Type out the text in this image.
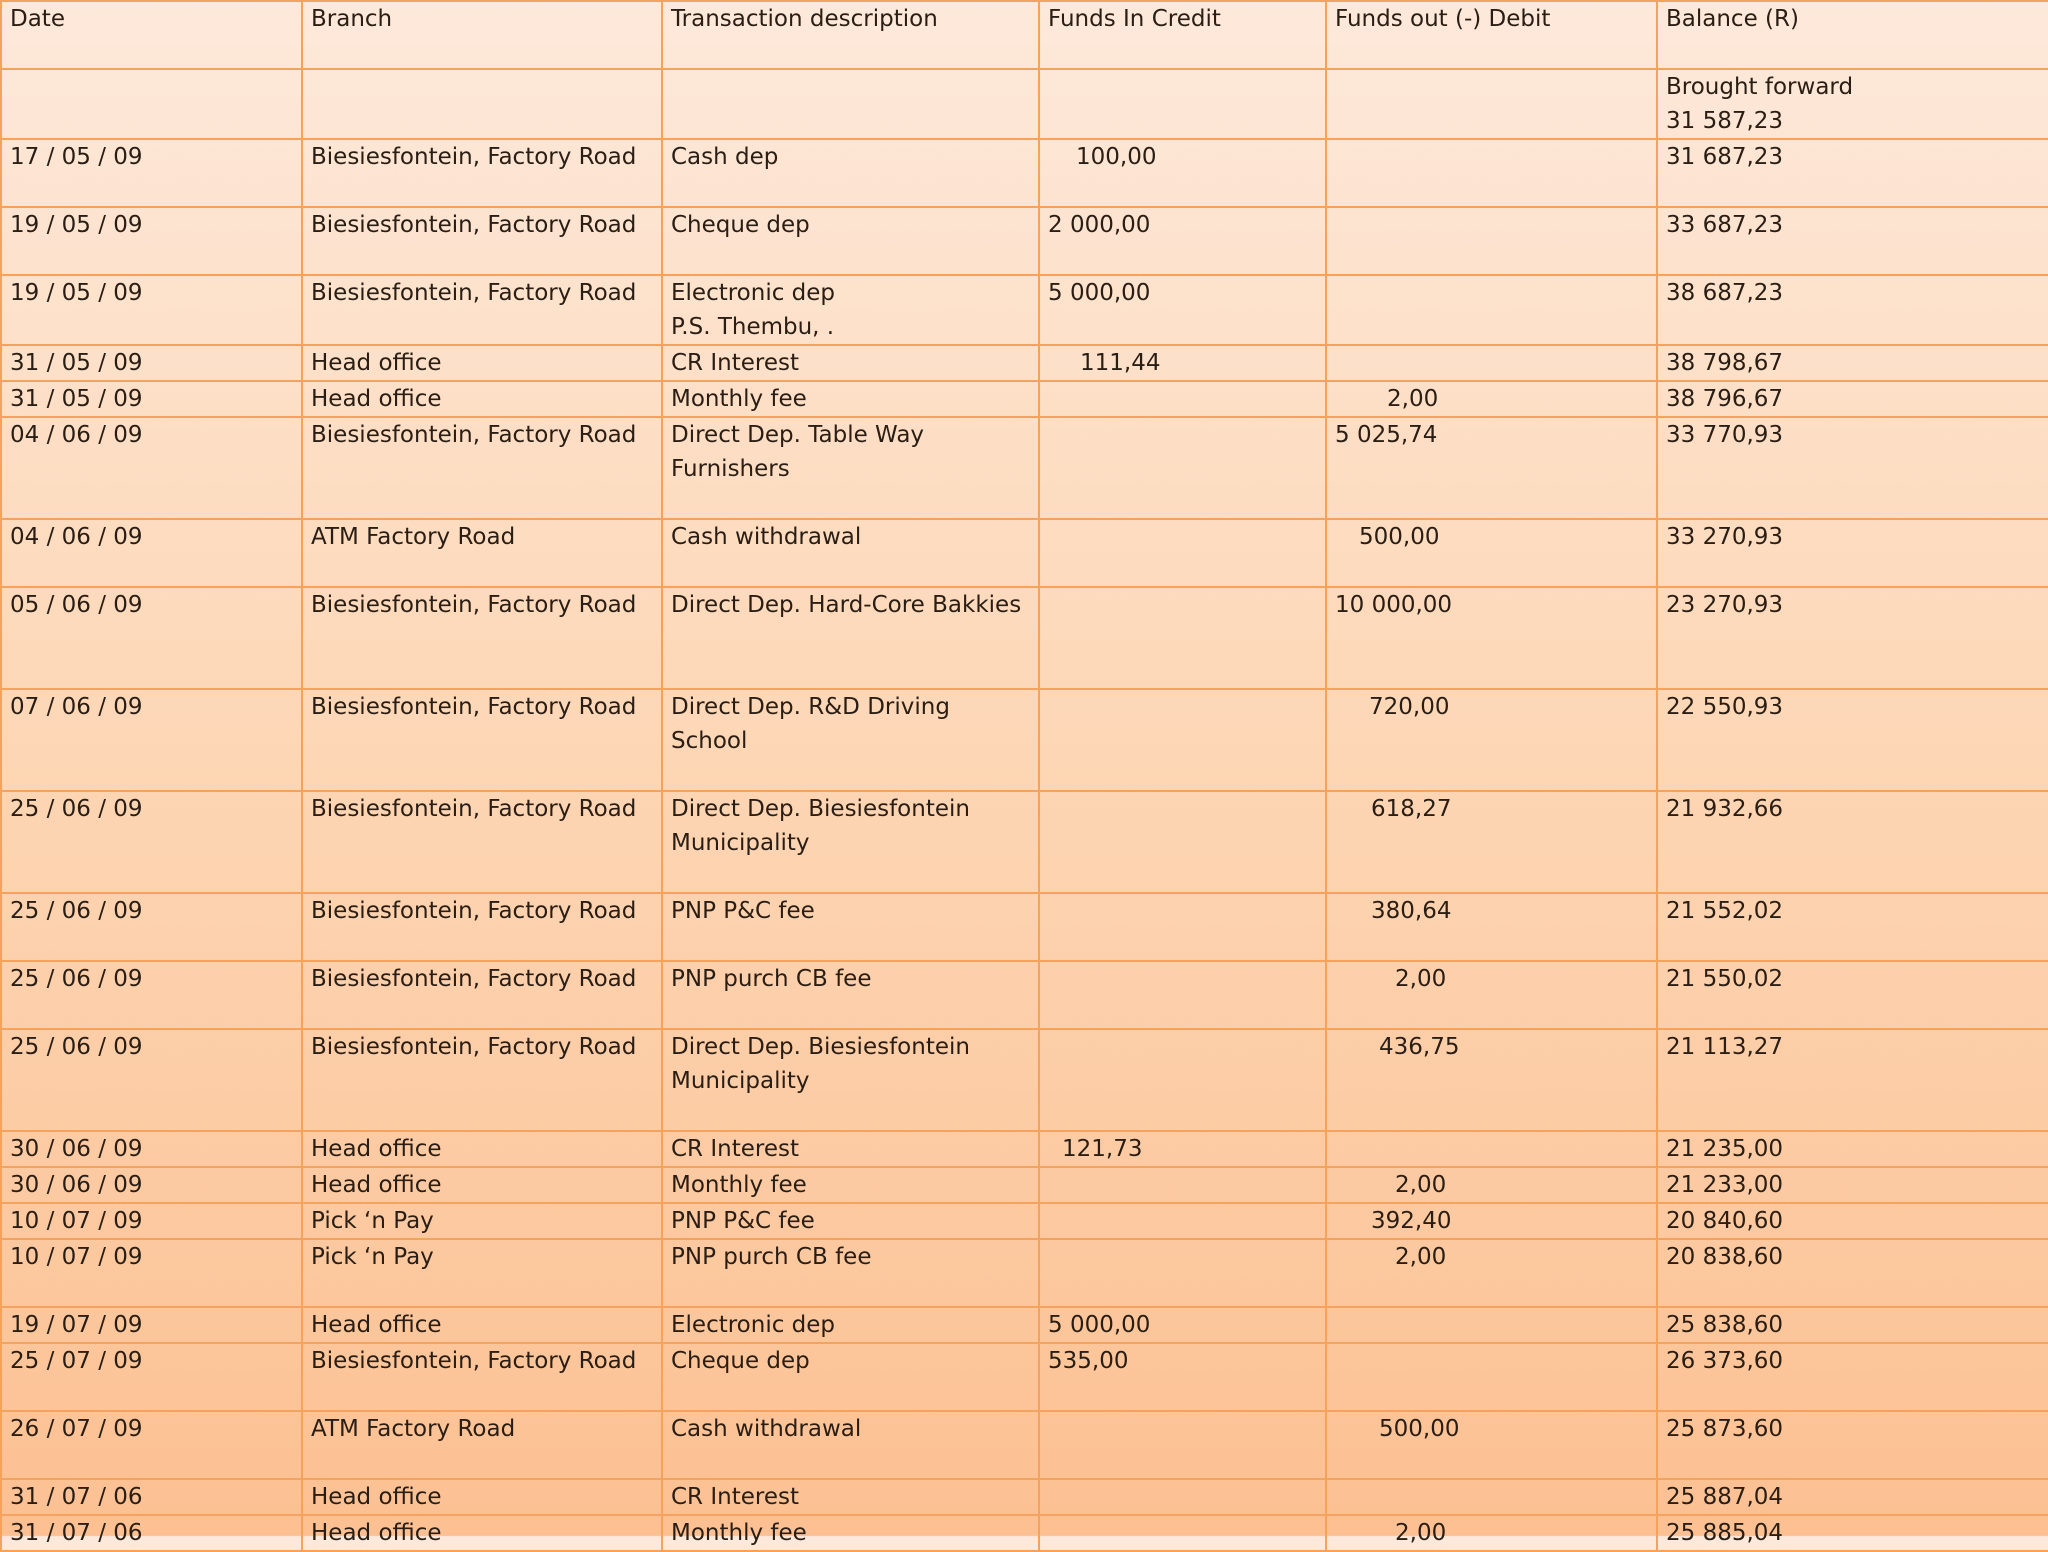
Date	Branch	Transaction description	Funds In Credit	Funds out (-) Debit	Balance (R)
					Brought forward
31 587,23
17 / 05 / 09	Biesiesfontein, Factory Road	Cash dep	100,00		31 687,23
19 / 05 / 09	Biesiesfontein, Factory Road	Cheque dep	2 000,00		33 687,23
19 / 05 / 09	Biesiesfontein, Factory Road	Electronic dep
P.S. Thembu, .	5 000,00		38 687,23
31 / 05 / 09	Head office	CR Interest	111,44		38 798,67
31 / 05 / 09	Head office	Monthly fee		2,00	38 796,67
04 / 06 / 09	Biesiesfontein, Factory Road	Direct Dep. Table Way
Furnishers		5 025,74	33 770,93
04 / 06 / 09	ATM Factory Road	Cash withdrawal		500,00	33 270,93
05 / 06 / 09	Biesiesfontein, Factory Road	Direct Dep. Hard-Core Bakkies		10 000,00	23 270,93
07 / 06 / 09	Biesiesfontein, Factory Road	Direct Dep. R&D Driving School		720,00	22 550,93
25 / 06 / 09	Biesiesfontein, Factory Road	Direct Dep. Biesiesfontein
Municipality		618,27	21 932,66
25 / 06 / 09	Biesiesfontein, Factory Road	PNP P&C fee		380,64	21 552,02
25 / 06 / 09	Biesiesfontein, Factory Road	PNP purch CB fee		2,00	21 550,02
25 / 06 / 09	Biesiesfontein, Factory Road	Direct Dep. Biesiesfontein
Municipality		436,75	21 113,27
30 / 06 / 09	Head office	CR Interest	121,73		21 235,00
30 / 06 / 09	Head office	Monthly fee		2,00	21 233,00
10 / 07 / 09	Pick ‘n Pay	PNP P&C fee		392,40	20 840,60
10 / 07 / 09	Pick ‘n Pay	PNP purch CB fee		2,00	20 838,60
19 / 07 / 09	Head office	Electronic dep	5 000,00		25 838,60
25 / 07 / 09	Biesiesfontein, Factory Road	Cheque dep	535,00		26 373,60
26 / 07 / 09	ATM Factory Road	Cash withdrawal		500,00	25 873,60
31 / 07 / 06	Head office	CR Interest			25 887,04
31 / 07 / 06	Head office	Monthly fee		2,00	25 885,04
